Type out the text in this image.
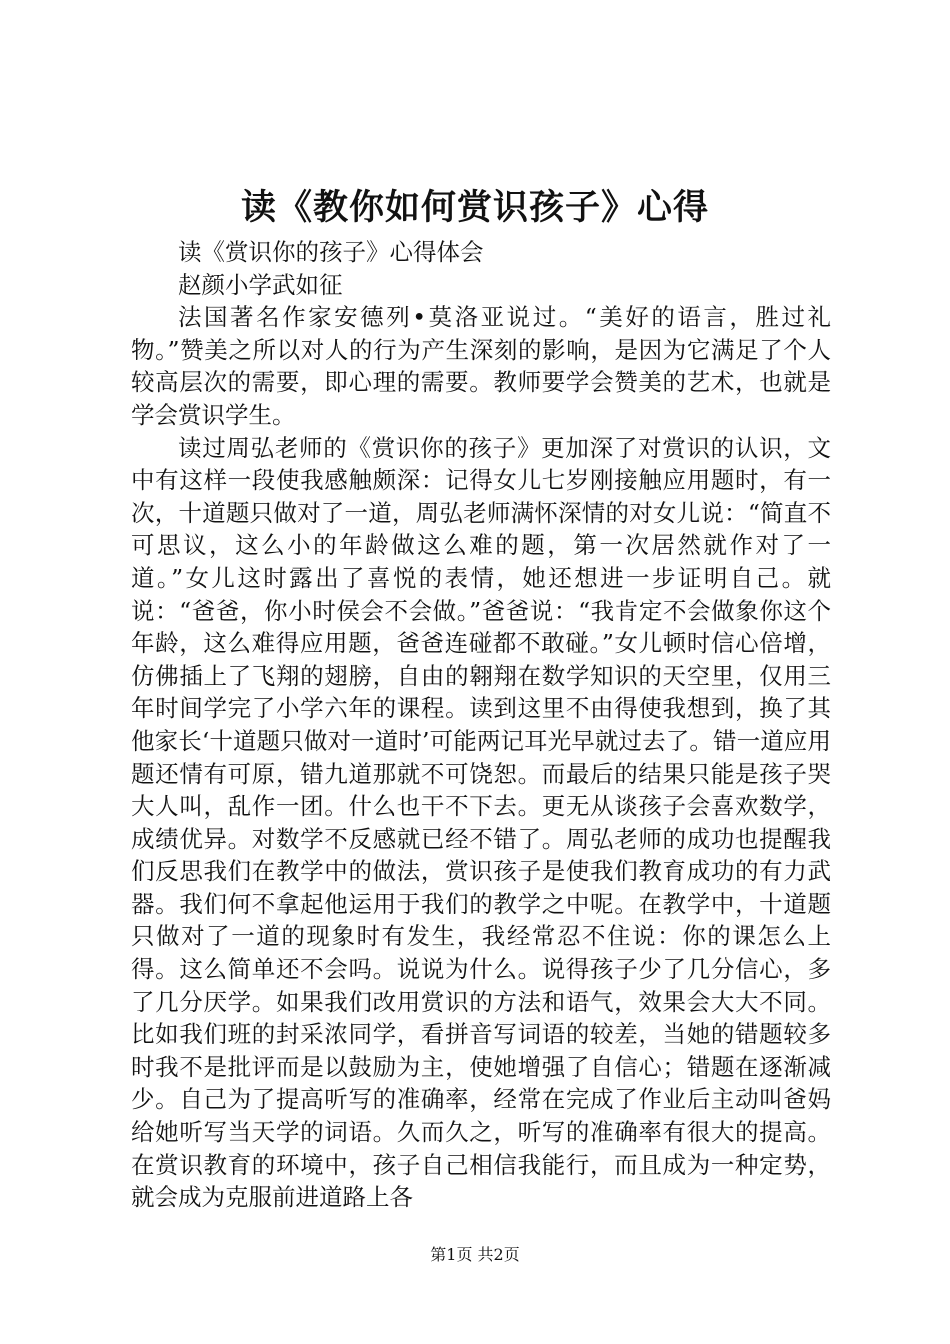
读《教你如何赏识孩子》心得

读《赏识你的孩子》心得体会

赵颜小学武如征

法国著名作家安德列•莫洛亚说过。“美好的语言，胜过礼物。”赞美之所以对人的行为产生深刻的影响，是因为它满足了个人较高层次的需要，即心理的需要。教师要学会赞美的艺术，也就是学会赏识学生。

读过周弘老师的《赏识你的孩子》更加深了对赏识的认识，文中有这样一段使我感触颇深：记得女儿七岁刚接触应用题时，有一次，十道题只做对了一道，周弘老师满怀深情的对女儿说：“简直不可思议，这么小的年龄做这么难的题，第一次居然就作对了一道。”女儿这时露出了喜悦的表情，她还想进一步证明自己。就说：“爸爸，你小时侯会不会做。”爸爸说：“我肯定不会做象你这个年龄，这么难得应用题，爸爸连碰都不敢碰。”女儿顿时信心倍增，仿佛插上了飞翔的翅膀，自由的翱翔在数学知识的天空里，仅用三年时间学完了小学六年的课程。读到这里不由得使我想到，换了其他家长‘十道题只做对一道时’可能两记耳光早就过去了。错一道应用题还情有可原，错九道那就不可饶恕。而最后的结果只能是孩子哭大人叫，乱作一团。什么也干不下去。更无从谈孩子会喜欢数学，成绩优异。对数学不反感就已经不错了。周弘老师的成功也提醒我们反思我们在教学中的做法，赏识孩子是使我们教育成功的有力武器。我们何不拿起他运用于我们的教学之中呢。在教学中，十道题只做对了一道的现象时有发生，我经常忍不住说：你的课怎么上得。这么简单还不会吗。说说为什么。说得孩子少了几分信心，多了几分厌学。如果我们改用赏识的方法和语气，效果会大大不同。比如我们班的封采浓同学，看拼音写词语的较差，当她的错题较多时我不是批评而是以鼓励为主，使她增强了自信心；错题在逐渐减少。自己为了提高听写的准确率，经常在完成了作业后主动叫爸妈给她听写当天学的词语。久而久之，听写的准确率有很大的提高。在赏识教育的环境中，孩子自己相信我能行，而且成为一种定势，就会成为克服前进道路上各

第1页 共2页
